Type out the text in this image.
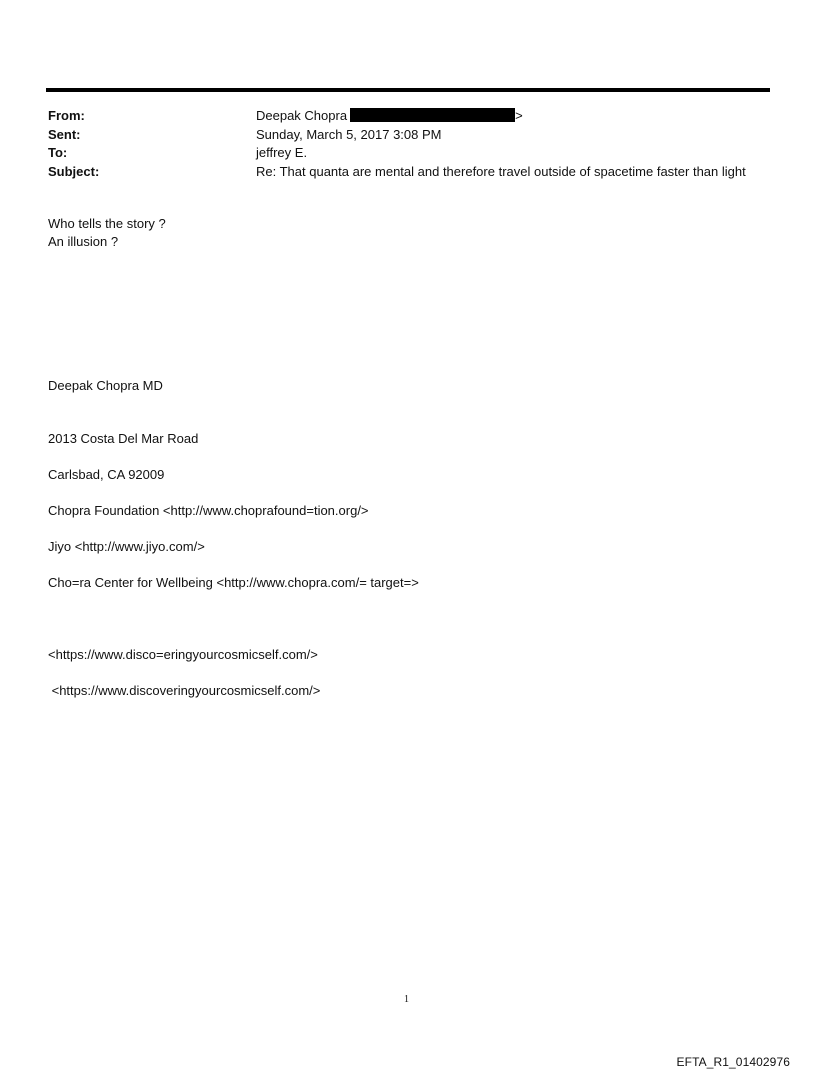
From:	Deepak Chopra	>
Sent:	Sunday, March 5, 2017 3:08 PM
To:	jeffrey E.
Subject:	Re: That quanta are mental and therefore travel outside of spacetime faster than light
Who tells the story ?
An illusion ?
Deepak Chopra MD
2013 Costa Del Mar Road
Carlsbad, CA 92009
Chopra Foundation <http://www.choprafound=tion.org/>
Jiyo <http://www.jiyo.com/>
Cho=ra Center for Wellbeing <http://www.chopra.com/= target=>
<https://www.disco=eringyourcosmicself.com/>
<https://www.discoveringyourcosmicself.com/>
1
EFTA_R1_01402976
